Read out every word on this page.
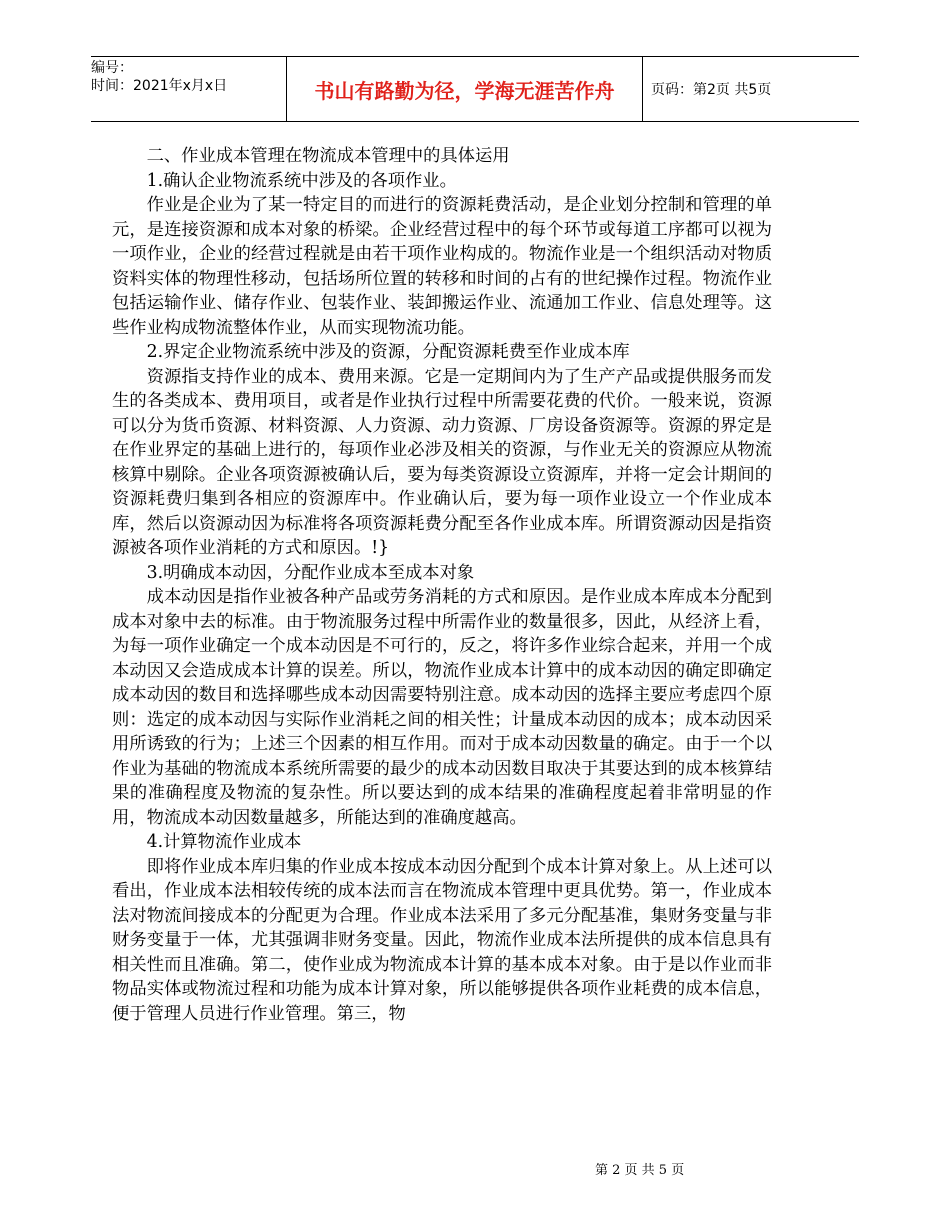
编号：
时间：2021年x月x日	书山有路勤为径，学海无涯苦作舟	页码：第2页 共5页

二、作业成本管理在物流成本管理中的具体运用

1.确认企业物流系统中涉及的各项作业。

作业是企业为了某一特定目的而进行的资源耗费活动，是企业划分控制和管理的单元，是连接资源和成本对象的桥梁。企业经营过程中的每个环节或每道工序都可以视为一项作业，企业的经营过程就是由若干项作业构成的。物流作业是一个组织活动对物质资料实体的物理性移动，包括场所位置的转移和时间的占有的世纪操作过程。物流作业包括运输作业、储存作业、包装作业、装卸搬运作业、流通加工作业、信息处理等。这些作业构成物流整体作业，从而实现物流功能。

2.界定企业物流系统中涉及的资源，分配资源耗费至作业成本库

资源指支持作业的成本、费用来源。它是一定期间内为了生产产品或提供服务而发生的各类成本、费用项目，或者是作业执行过程中所需要花费的代价。一般来说，资源可以分为货币资源、材料资源、人力资源、动力资源、厂房设备资源等。资源的界定是在作业界定的基础上进行的，每项作业必涉及相关的资源，与作业无关的资源应从物流核算中剔除。企业各项资源被确认后，要为每类资源设立资源库，并将一定会计期间的资源耗费归集到各相应的资源库中。作业确认后，要为每一项作业设立一个作业成本库，然后以资源动因为标准将各项资源耗费分配至各作业成本库。所谓资源动因是指资源被各项作业消耗的方式和原因。!}

3.明确成本动因，分配作业成本至成本对象

成本动因是指作业被各种产品或劳务消耗的方式和原因。是作业成本库成本分配到成本对象中去的标准。由于物流服务过程中所需作业的数量很多，因此，从经济上看，为每一项作业确定一个成本动因是不可行的，反之，将许多作业综合起来，并用一个成本动因又会造成成本计算的误差。所以，物流作业成本计算中的成本动因的确定即确定成本动因的数目和选择哪些成本动因需要特别注意。成本动因的选择主要应考虑四个原则：选定的成本动因与实际作业消耗之间的相关性；计量成本动因的成本；成本动因采用所诱致的行为；上述三个因素的相互作用。而对于成本动因数量的确定。由于一个以作业为基础的物流成本系统所需要的最少的成本动因数目取决于其要达到的成本核算结果的准确程度及物流的复杂性。所以要达到的成本结果的准确程度起着非常明显的作用，物流成本动因数量越多，所能达到的准确度越高。

4.计算物流作业成本

即将作业成本库归集的作业成本按成本动因分配到个成本计算对象上。从上述可以看出，作业成本法相较传统的成本法而言在物流成本管理中更具优势。第一，作业成本法对物流间接成本的分配更为合理。作业成本法采用了多元分配基准，集财务变量与非财务变量于一体，尤其强调非财务变量。因此，物流作业成本法所提供的成本信息具有相关性而且准确。第二，使作业成为物流成本计算的基本成本对象。由于是以作业而非物品实体或物流过程和功能为成本计算对象，所以能够提供各项作业耗费的成本信息，便于管理人员进行作业管理。第三，物

第 2 页 共 5 页
